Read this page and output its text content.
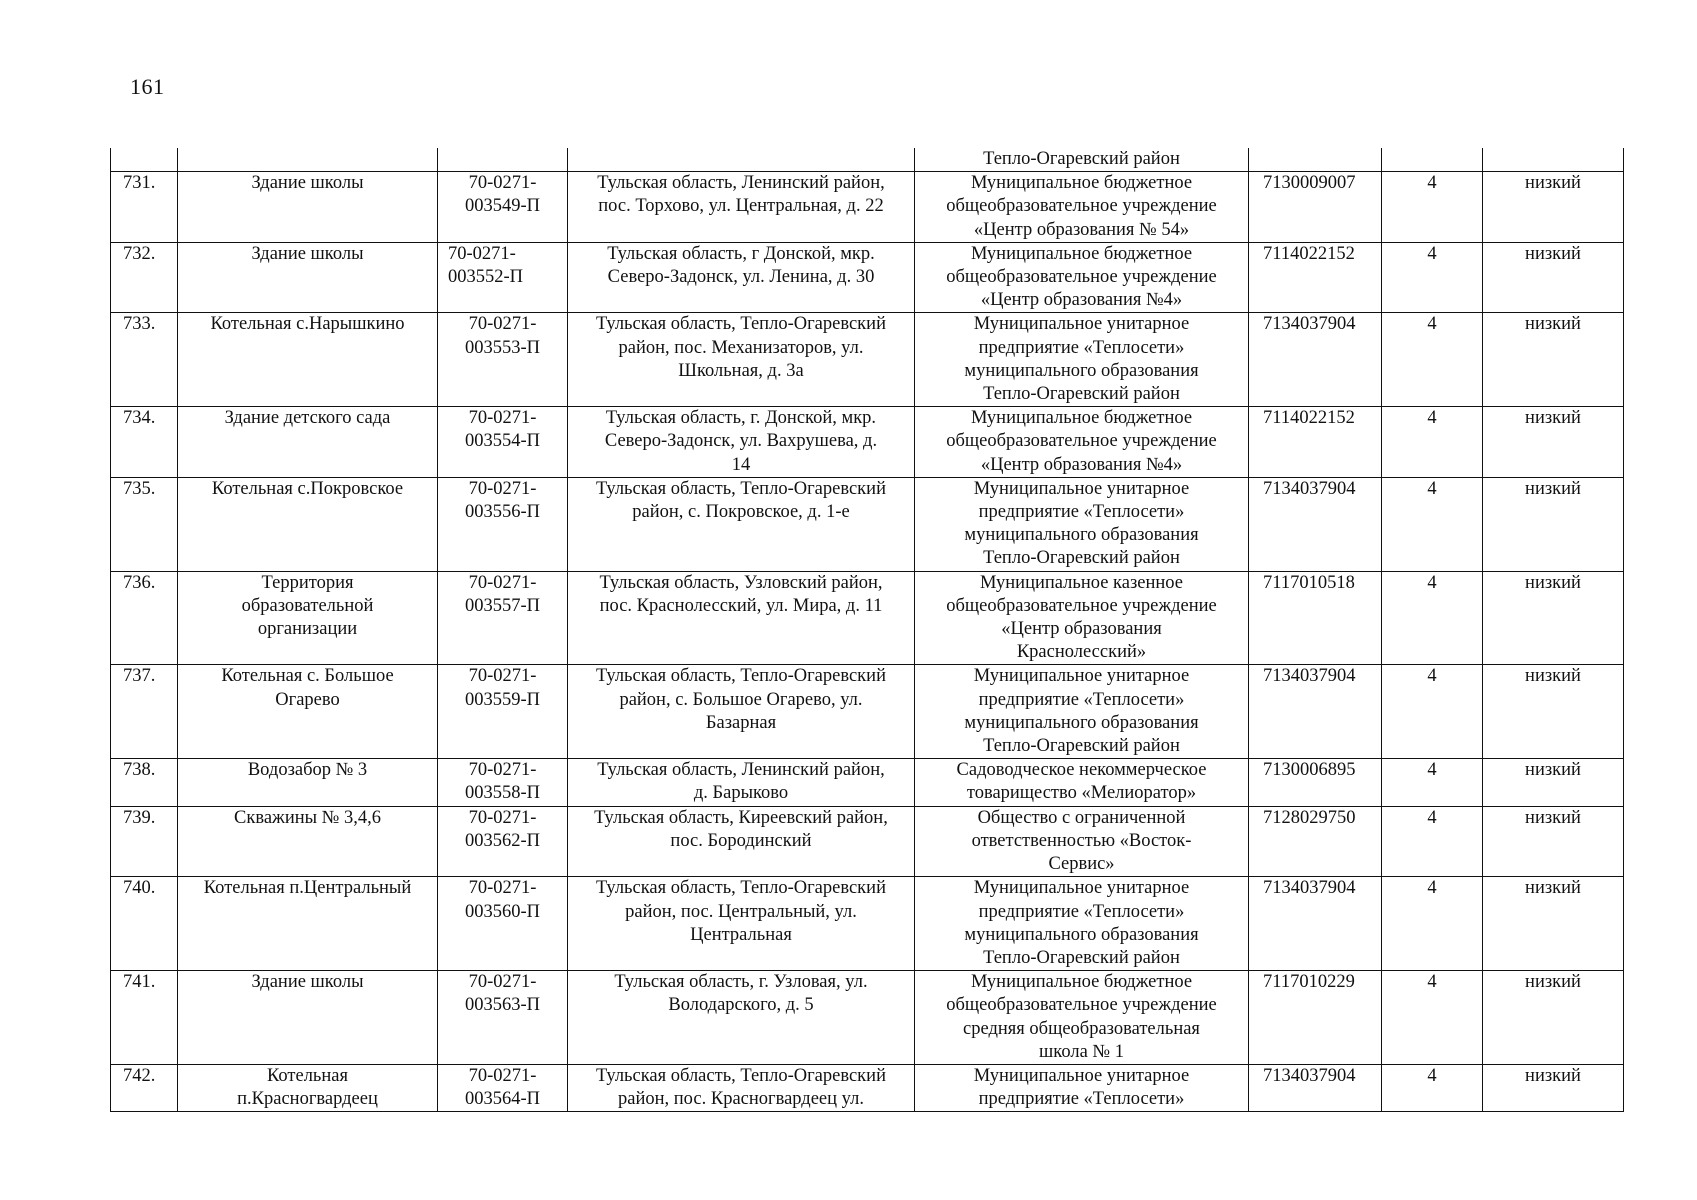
161

				Тепло-Огаревский район			

731.	Здание школы	70-0271-
003549-П	Тульская область, Ленинский район,
пос. Торхово, ул. Центральная, д. 22	Муниципальное бюджетное
общеобразовательное учреждение
«Центр образования № 54»	7130009007	4	низкий

732.	Здание школы	70-0271-
003552-П	Тульская область, г Донской, мкр.
Северо-Задонск, ул. Ленина, д. 30	Муниципальное бюджетное
общеобразовательное учреждение
«Центр образования №4»	7114022152	4	низкий

733.	Котельная с.Нарышкино	70-0271-
003553-П	Тульская область, Тепло-Огаревский
район, пос. Механизаторов, ул.
Школьная, д. 3а	Муниципальное унитарное
предприятие «Теплосети»
муниципального образования
Тепло-Огаревский район	7134037904	4	низкий

734.	Здание детского сада	70-0271-
003554-П	Тульская область, г. Донской, мкр.
Северо-Задонск, ул. Вахрушева, д.
14	Муниципальное бюджетное
общеобразовательное учреждение
«Центр образования №4»	7114022152	4	низкий

735.	Котельная с.Покровское	70-0271-
003556-П	Тульская область, Тепло-Огаревский
район, с. Покровское, д. 1-е	Муниципальное унитарное
предприятие «Теплосети»
муниципального образования
Тепло-Огаревский район	7134037904	4	низкий

736.	Территория
образовательной
организации	70-0271-
003557-П	Тульская область, Узловский район,
пос. Краснолесский, ул. Мира, д. 11	Муниципальное казенное
общеобразовательное учреждение
«Центр образования
Краснолесский»	7117010518	4	низкий

737.	Котельная с. Большое
Огарево	70-0271-
003559-П	Тульская область, Тепло-Огаревский
район, с. Большое Огарево, ул.
Базарная	Муниципальное унитарное
предприятие «Теплосети»
муниципального образования
Тепло-Огаревский район	7134037904	4	низкий

738.	Водозабор № 3	70-0271-
003558-П	Тульская область, Ленинский район,
д. Барыково	Садоводческое некоммерческое
товарищество «Мелиоратор»	7130006895	4	низкий

739.	Скважины № 3,4,6	70-0271-
003562-П	Тульская область, Киреевский район,
пос. Бородинский	Общество с ограниченной
ответственностью «Восток-
Сервис»	7128029750	4	низкий

740.	Котельная п.Центральный	70-0271-
003560-П	Тульская область, Тепло-Огаревский
район, пос. Центральный, ул.
Центральная	Муниципальное унитарное
предприятие «Теплосети»
муниципального образования
Тепло-Огаревский район	7134037904	4	низкий

741.	Здание школы	70-0271-
003563-П	Тульская область, г. Узловая, ул.
Володарского, д. 5	Муниципальное бюджетное
общеобразовательное учреждение
средняя общеобразовательная
школа № 1	7117010229	4	низкий

742.	Котельная
п.Красногвардеец	70-0271-
003564-П	Тульская область, Тепло-Огаревский
район, пос. Красногвардеец ул.	Муниципальное унитарное
предприятие «Теплосети»	7134037904	4	низкий
